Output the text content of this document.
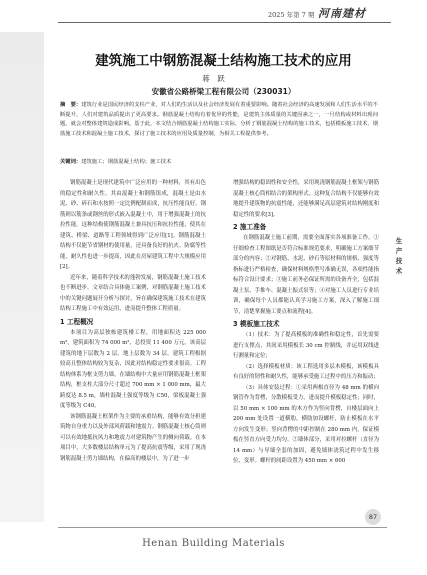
2025 年第 7 期 河南建材
建筑施工中钢筋混凝土结构施工技术的应用
蒋　跃
安徽省公路桥梁工程有限公司（230031）
摘　要：建筑行业是国民经济的支柱产业，对人们的生活以及社会经济发展有着重要影响。随着社会经济的高速发展和人们生活水平的不断提升，人们对建筑品质提出了更高要求。钢筋混凝土结构有着优异的性能，是建筑主体质量的关键因素之一，一旦结构或材料出现问题，就会对整体建筑造成影响。基于此，本文结合钢筋混凝土结构施工实际，分析了钢筋混凝土结构的施工技术，包括模板施工技术、钢筋施工技术和混凝土施工技术，探讨了施工技术的应用及质量控制，为相关工程提供参考。
关键词：建筑施工；钢筋混凝土结构；施工技术

钢筋混凝土是现代建筑中广泛应用的一种材料，其有出色的稳定性和耐久性。其由混凝土和钢筋组成，混凝土是由水泥、砂、碎石和水按照一定比例配制而成，抗压性能良好。钢筋则以筋条或钢丝的形式嵌入混凝土中，用于增强混凝土的抗拉性能。这种结构使钢筋混凝土兼具抗压和抗拉性能，使其在建筑、桥梁、道路等工程领域得到广泛应用[1]。钢筋混凝土结构不仅能节省钢材的使用量，还具备良好的抗火、防腐等性能，耐久性也进一步提高，因此在房屋建筑工程中大规模应用[2]。

近年来，随着科学技术的蓬勃发展，钢筋混凝土施工技术也不断进步。文章结合具体施工案例，对钢筋混凝土施工技术中的关键问题展开分析与探讨，旨在确保建筑施工技术在建筑结构工程施工中有效运用，进而提升整体工程质量。

1 工程概况

本项目为高层独栋建筑楼工程，用地面积达 225 000 m²，建筑面积为 74 000 m²，总投资 11 400 万元。该高层建筑的地下层数为 2 层，地上层数为 34 层。建筑工程根据较高且整体结构较为复杂，因此对结构稳定性要求很高。工程结构体系为框支剪力墙，在墙结构中大量应用钢筋混凝土框架结构，框支柱大部分尺寸超过 700 mm × 1 000 mm，最大跨度达 8.5 m，墙柱混凝土强度等级为 C50，梁板混凝土强度等级为 C40。

该钢筋混凝土框架作为主要的承重结构，能够有效分担建筑物自身重力以及外部风荷载和地震力。钢筋混凝土核心筒则可以有效地抵抗风力和地震力对建筑物产生的侧向荷载。在本项目中，大多数楼层结构单元为了提高抗震等级，采用了现浇钢筋混凝土剪力墙结构，在偏高的楼层中，为了进一步

增强结构的稳固性和安全性，采用现浇钢筋混凝土框架与钢筋混凝土核心筒相结合的架构形式。这种复合结构不仅能够有效地提升建筑物的抗震性能，还能够满足高层建筑对结构刚度和稳定性的要求[3]。

2 施工准备

在钢筋混凝土施工前期，需要全面落实各项准备工作。①仔细检查工程图纸是否符合标准规范要求，明确施工方案细节部分的内容；②对钢筋、水泥、砂石等原材料的规格、强度等指标进行严格检查，确保材料规格型号准确无误，各项性能指标符合设计要求；③施工前务必保证所需的设备齐全，包括混凝土泵、手推车、混凝土振式泵等；④对施工人员进行专业培训，确保每个人员都能认真学习施工方案，深入了解施工细节，清楚掌握施工要点和流程[4]。

3 模板施工技术

（1）技术：为了提高模板的准确性和稳定性，首先需要进行支撑点，其间采用模板长 30 cm 控制线，并运用双线进行测量和定位；

（2）选择模板材质：该工程选用多层木模板，该模板具有良好的韧性和耐久性，能够承受施工过程中的压力和振动；

（3）具体安装过程：①采用两根直径为 48 mm 的横向钢管作为背楞，分散模板受力，进而提升模板稳定性；同时，以 50 mm × 100 mm 的木方作为竖向背楞，自楼层面向上 200 mm 处设置一道横肋，横肋加设螺杆，防止模板在水平方向发生变形；竖向背楞的中距控制在 280 mm 内，保证模板在竖直方向受力均匀。②墙体部分，采用对拉螺杆（直径为 14 mm）与导墙全套的加固，避免墙体浇筑过程中发生移位、变形。螺杆的间距设置为 450 mm × 600

生
产
技
术
87
Henan Building Materials
